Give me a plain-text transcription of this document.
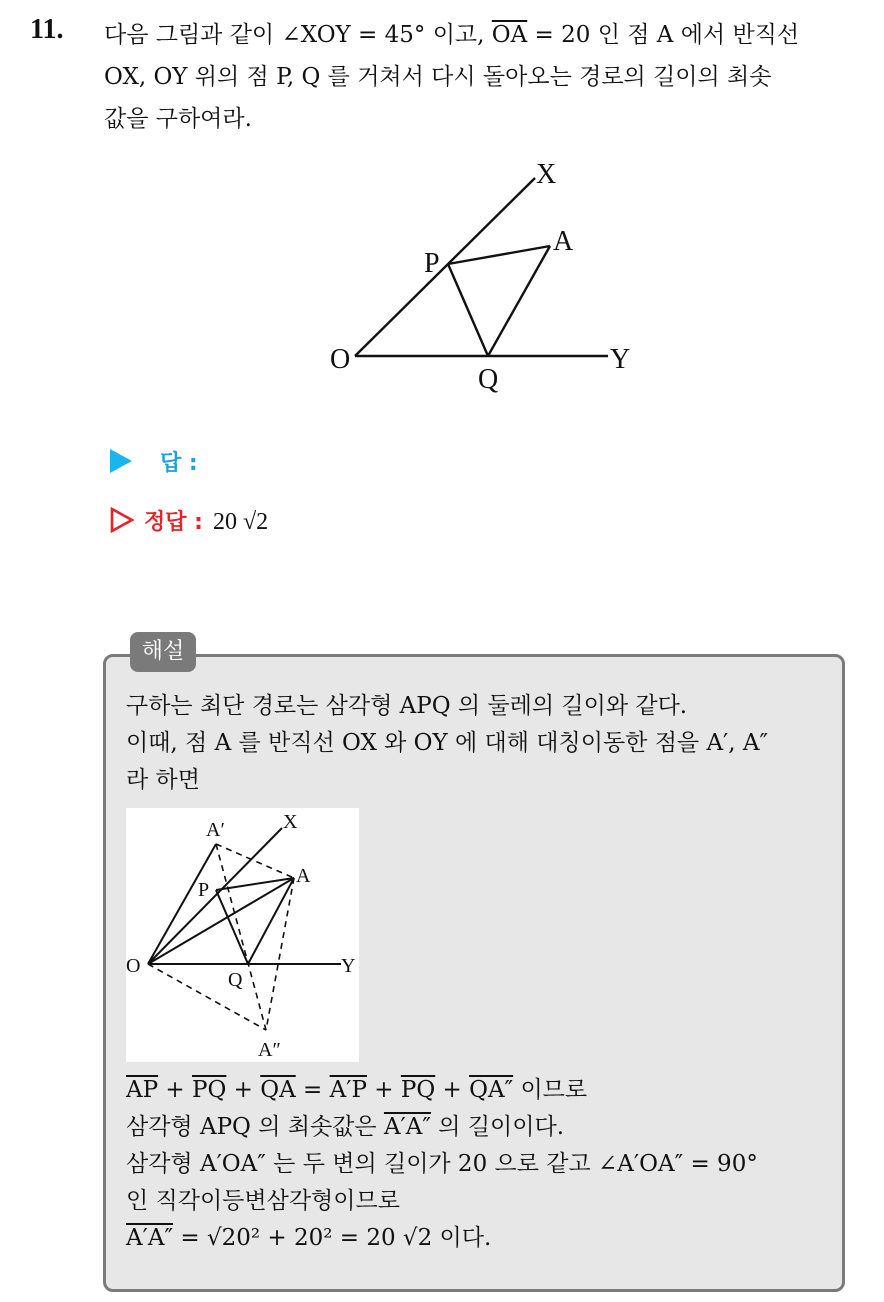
11. 다음 그림과 같이 ∠XOY = 45° 이고, $\overline{OA} = 20$ 인 점 A 에서 반직선
OX, OY 위의 점 P, Q 를 거쳐서 다시 돌아오는 경로의 길이의 최솟
값을 구하여라.
X
A
P
O
Q
Y
답 :
정답 : 20 √2
해설
구하는 최단 경로는 삼각형 APQ 의 둘레의 길이와 같다.
이때, 점 A 를 반직선 OX 와 OY 에 대해 대칭이동한 점을 A′, A″
라 하면
A′	X
P
A
O
Q
Y
A″
$\overline{AP} + \overline{PQ} + \overline{QA} = A'P + \overline{PQ} + QA''$ 이므로
삼각형 APQ 의 최솟값은 A′A″ 의 길이이다.
삼각형 A′OA″ 는 두 변의 길이가 20 으로 같고 ∠A′OA″ = 90°
인 직각이등변삼각형이므로
A′A″ = √20² + 20² = 20 √2 이다.
